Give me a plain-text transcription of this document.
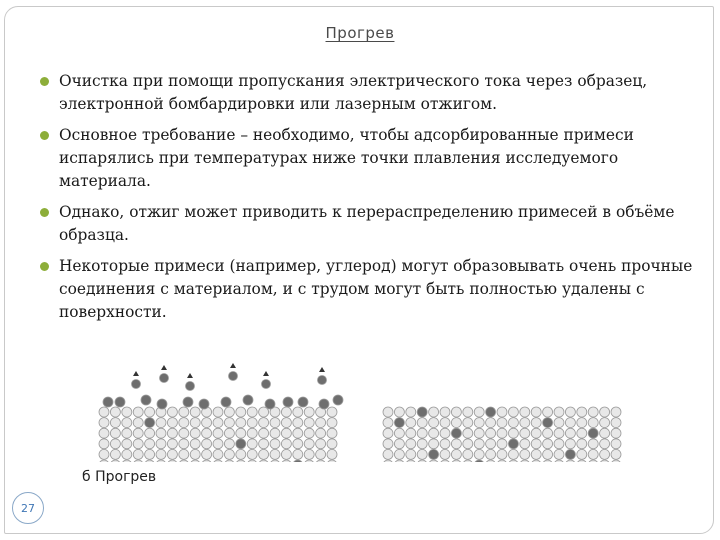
Прогрев
Очистка при помощи пропускания электрического тока через образец, электронной бомбардировки или лазерным отжигом.
Основное требование – необходимо, чтобы адсорбированные примеси испарялись при температурах ниже точки плавления исследуемого материала.
Однако, отжиг может приводить к перераспределению примесей в объёме образца.
Некоторые примеси (например, углерод) могут образовывать очень прочные соединения с материалом, и с трудом могут быть полностью удалены с поверхности.
б Прогрев
27
